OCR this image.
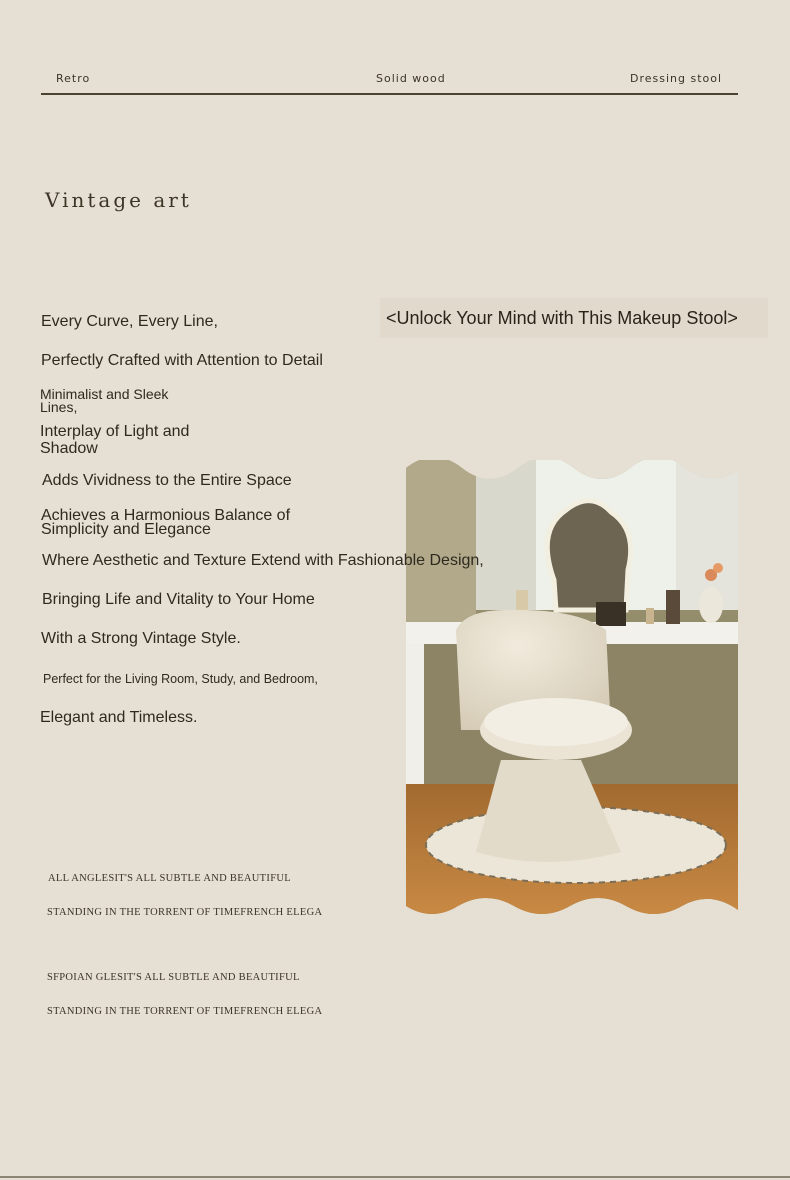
Retro	Solid wood	Dressing stool
Vintage art
<Unlock Your Mind with This Makeup Stool>
Every Curve, Every Line,
Perfectly Crafted with Attention to Detail
Minimalist and Sleek
Lines,
Interplay of Light and
Shadow
Adds Vividness to the Entire Space
Achieves a Harmonious Balance of
Simplicity and Elegance
Where Aesthetic and Texture Extend with Fashionable Design,
Bringing Life and Vitality to Your Home
With a Strong Vintage Style.
Perfect for the Living Room, Study, and Bedroom,
Elegant and Timeless.
ALL ANGLESIT'S ALL SUBTLE AND BEAUTIFUL
STANDING IN THE TORRENT OF TIMEFRENCH ELEGA
SFPOIAN GLESIT'S ALL SUBTLE AND BEAUTIFUL
STANDING IN THE TORRENT OF TIMEFRENCH ELEGA
